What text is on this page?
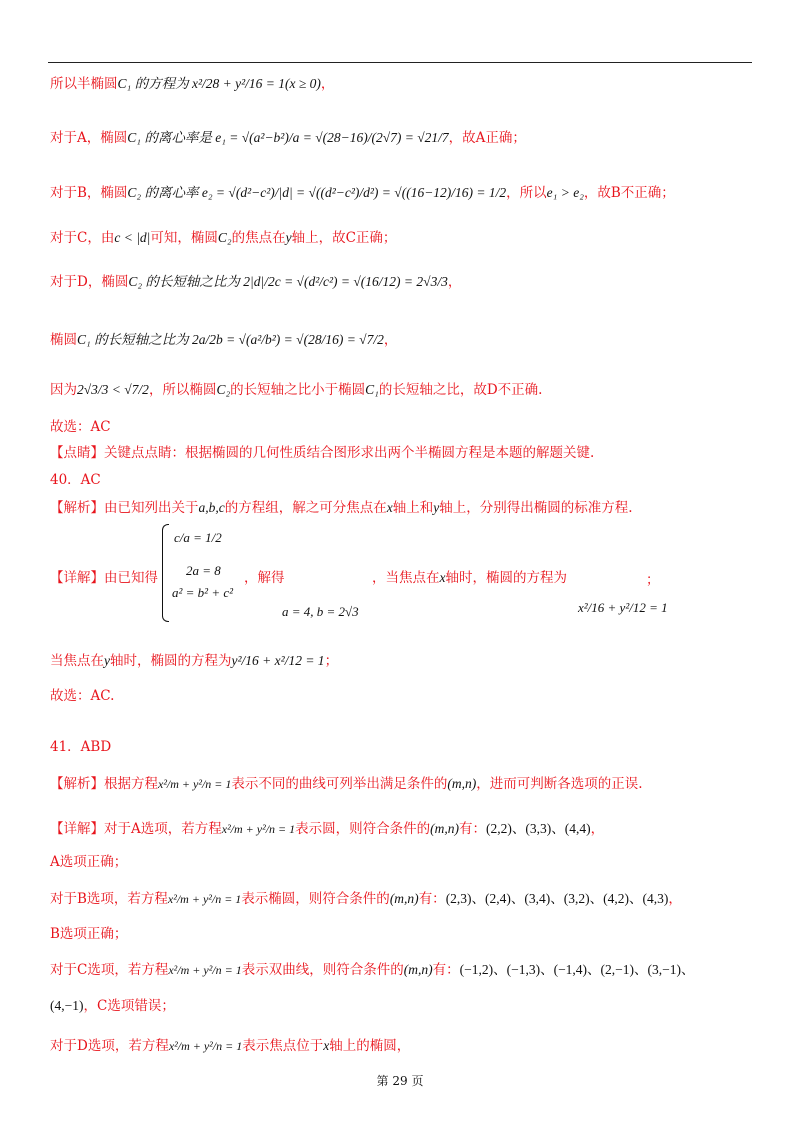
所以半椭圆C₁ 的方程为 x²/28 + y²/16 = 1(x ≥ 0)，
对于A，椭圆C₁ 的离心率是 e₁ = √(a²−b²)/a = √(28−16)/(2√7) = √21/7，故A正确；
对于B，椭圆C₂ 的离心率 e₂ = √(d²−c²)/|d| = √((d²−c²)/d²) = √((16−12)/16) = 1/2，所以e₁ > e₂，故B不正确；
对于C，由c < |d|可知，椭圆C₂的焦点在y轴上，故C正确；
对于D，椭圆C₂ 的长短轴之比为 2|d|/2c = √(d²/c²) = √(16/12) = 2√3/3，
椭圆C₁ 的长短轴之比为 2a/2b = √(a²/b²) = √(28/16) = √7/2，
因为2√3/3 < √7/2，所以椭圆C₂的长短轴之比小于椭圆C₁的长短轴之比，故D不正确.
故选：AC
【点睛】关键点点睛：根据椭圆的几何性质结合图形求出两个半椭圆方程是本题的解题关键.
40．AC
【解析】由已知列出关于a,b,c的方程组，解之可分焦点在x轴上和y轴上，分别得出椭圆的标准方程.
【详解】由已知得
c/a = 1/2
2a = 8
a² = b² + c²
，解得
a = 4, b = 2√3
，当焦点在x轴时，椭圆的方程为
x²/16 + y²/12 = 1
；
当焦点在y轴时，椭圆的方程为y²/16 + x²/12 = 1；
故选：AC.
41．ABD
【解析】根据方程x²/m + y²/n = 1表示不同的曲线可列举出满足条件的(m,n)，进而可判断各选项的正误.
【详解】对于A选项，若方程x²/m + y²/n = 1表示圆，则符合条件的(m,n)有：(2,2)、(3,3)、(4,4)，
A选项正确；
对于B选项，若方程x²/m + y²/n = 1表示椭圆，则符合条件的(m,n)有：(2,3)、(2,4)、(3,4)、(3,2)、(4,2)、(4,3)，
B选项正确；
对于C选项，若方程x²/m + y²/n = 1表示双曲线，则符合条件的(m,n)有：(−1,2)、(−1,3)、(−1,4)、(2,−1)、(3,−1)、
(4,−1)，C选项错误；
对于D选项，若方程x²/m + y²/n = 1表示焦点位于x轴上的椭圆，
第 29 页
